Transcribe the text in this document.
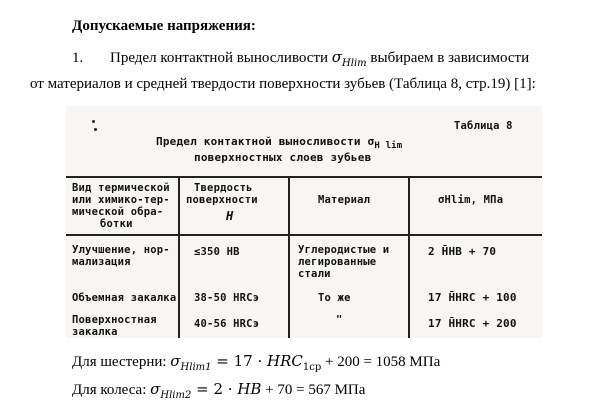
Допускаемые напряжения:
1. Предел контактной выносливости $\sigma_{Hlim}$ выбираем в зависимости
от материалов и средней твердости поверхности зубьев (Таблица 8, стр.19) [1]:
Таблица 8
Предел контактной выносливости $\sigma_{H lim}$
поверхностных слоев зубьев
Вид термической
или химико-тер-
мической обра-
ботки
Твердость
поверхности
H
Материал	σHlim, МПа
Улучшение, нор-
мализация
≤350 НВ	Углеродистые и
легированные
стали
2 H̄НВ + 70
Объемная закалка 38-50 HRCэ	То же	17 H̄HRC + 100
Поверхностная
закалка
40-56 HRCэ	"	17 H̄HRC + 200
Для шестерни: $\sigma_{Hlim1} = 17 \cdot HRC_{1ср} + 200 = 1058$ МПа
Для колеса: $\sigma_{Hlim2} = 2$ · HB + 70 = 567 МПа
